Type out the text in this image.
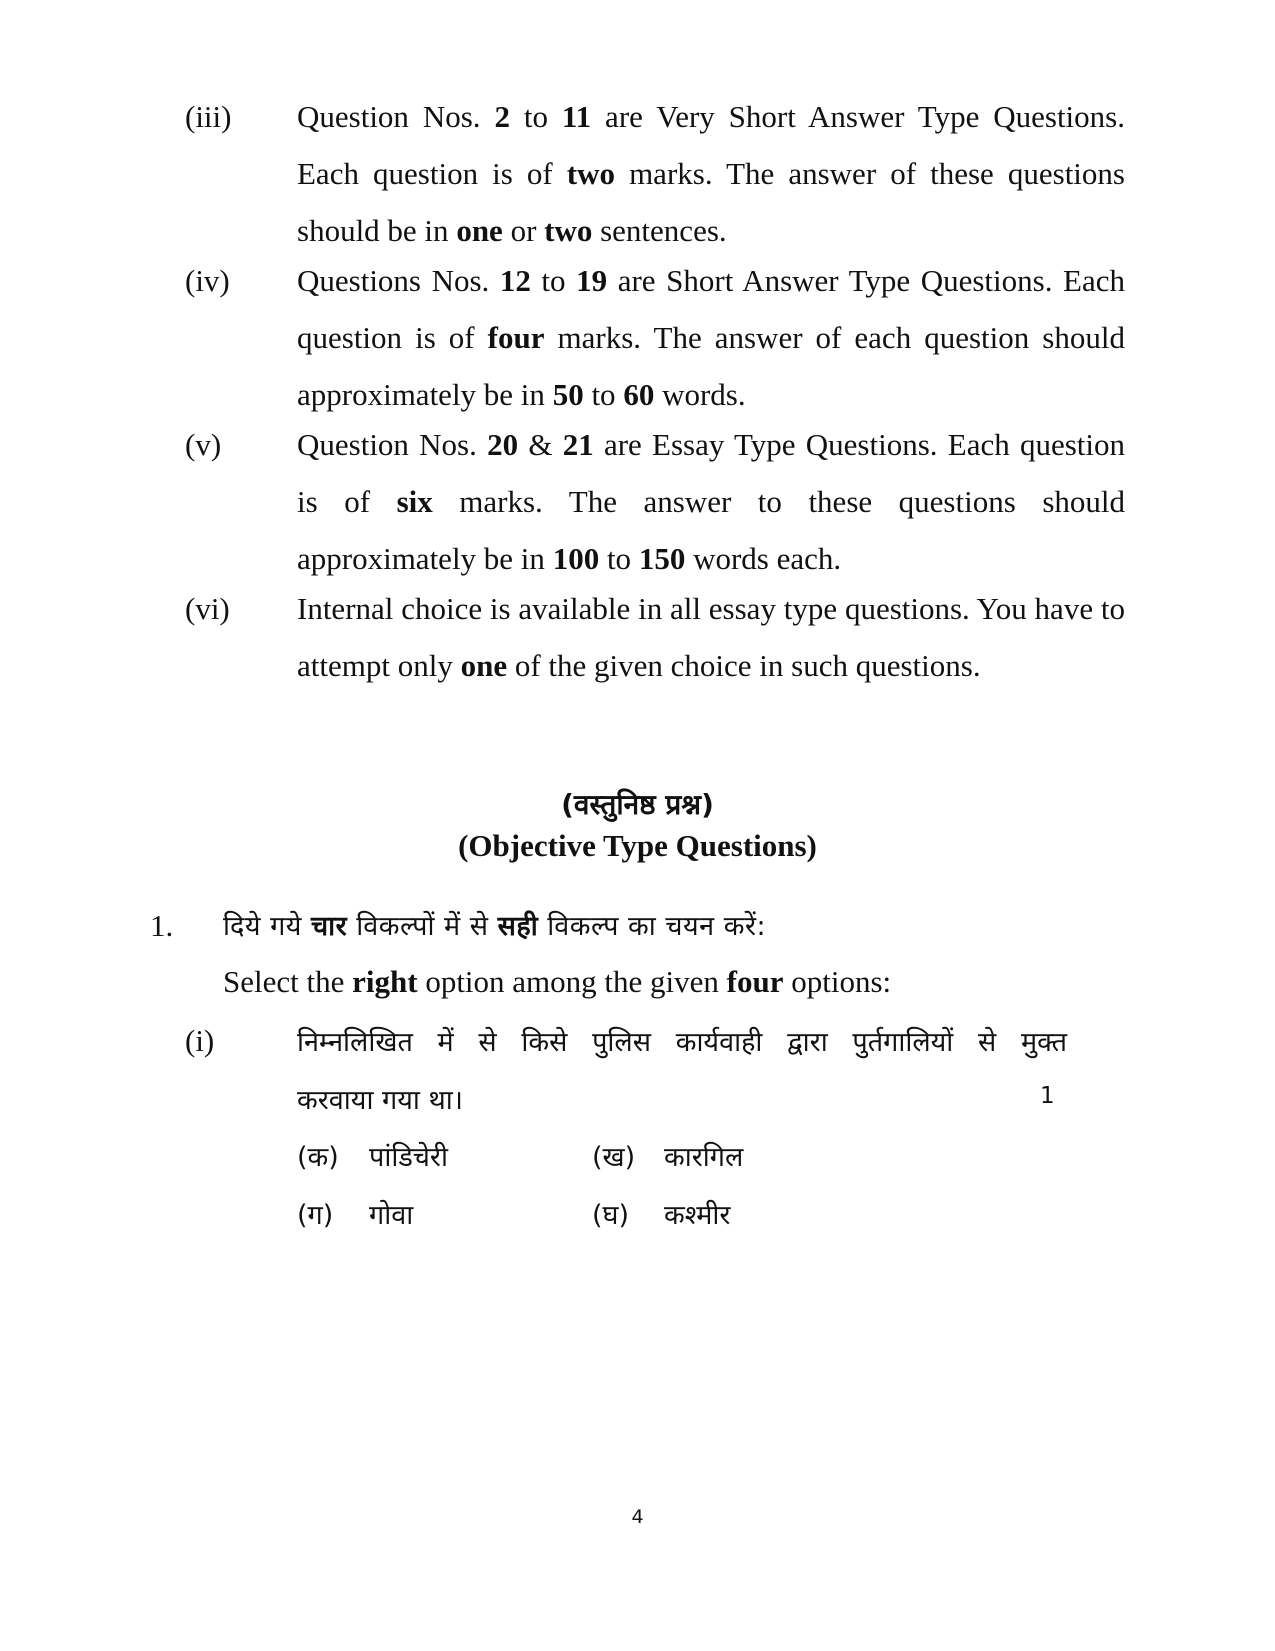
(iii) Question Nos. 2 to 11 are Very Short Answer Type Questions. Each question is of two marks. The answer of these questions should be in one or two sentences.
(iv) Questions Nos. 12 to 19 are Short Answer Type Questions. Each question is of four marks. The answer of each question should approximately be in 50 to 60 words.
(v) Question Nos. 20 & 21 are Essay Type Questions. Each question is of six marks. The answer to these questions should approximately be in 100 to 150 words each.
(vi) Internal choice is available in all essay type questions. You have to attempt only one of the given choice in such questions.
(वस्तुनिष्ठ प्रश्न)
(Objective Type Questions)
1. दिये गये चार विकल्पों में से सही विकल्प का चयन करें:
Select the right option among the given four options:
(i)	निम्नलिखित में से किसे पुलिस कार्यवाही द्वारा पुर्तगालियों से मुक्त
करवाया गया था।	1
(क) पांडिचेरी	(ख) कारगिल
(ग) गोवा	(घ) कश्मीर
4
